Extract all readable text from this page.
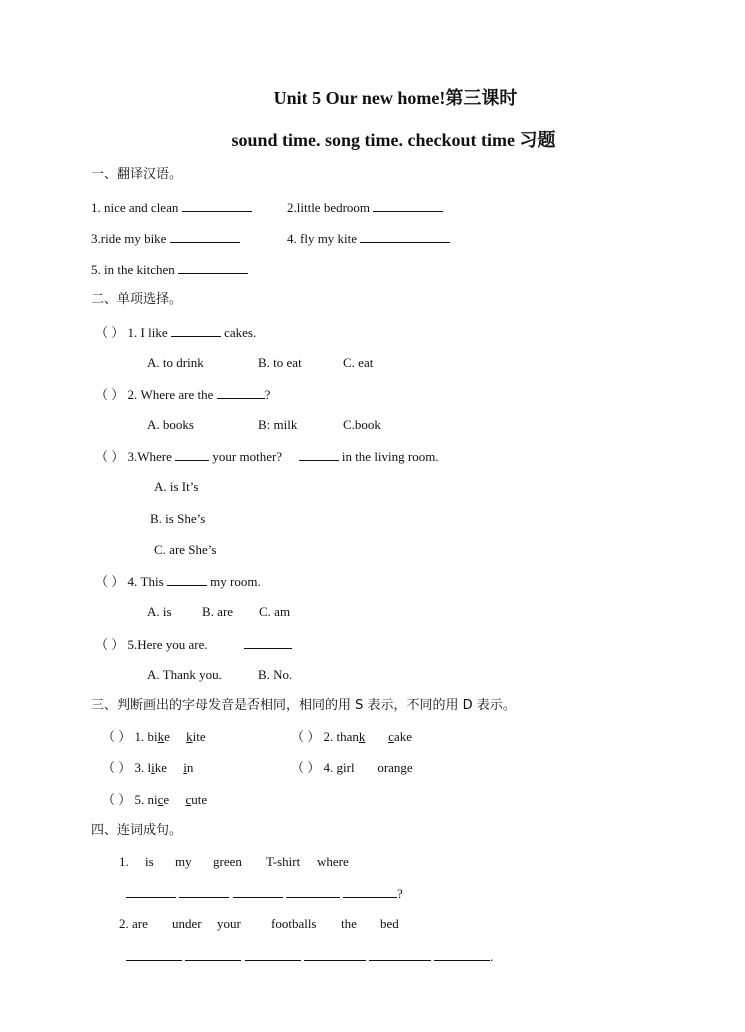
Unit 5 Our new home!第三课时
sound time. song time. checkout time 习题
一、翻译汉语。
1. nice and clean	2.little bedroom
3.ride my bike	4. fly my kite
5. in the kitchen
二、单项选择。
（ ） 1. I like	cakes.
A. to drink	B. to eat	C. eat
（ ） 2. Where are the	?
A. books	B: milk	C.book
（ ） 3.Where	your mother?	in the living room.
A. is It’s
B. is She’s
C. are She’s
（ ） 4. This	my room.
A. is B. are C. am
（ ） 5.Here you are.
A. Thank you.	B. No.
三、判断画出的字母发音是否相同，相同的用 S 表示，不同的用 D 表示。
（ ） 1. bike kite	（ ） 2. thank cake
（ ） 3. like in	（ ） 4. girl orange
（ ） 5. nice cute
四、连词成句。
1. is my green T-shirt where
?
2. are under your footballs the bed
.
